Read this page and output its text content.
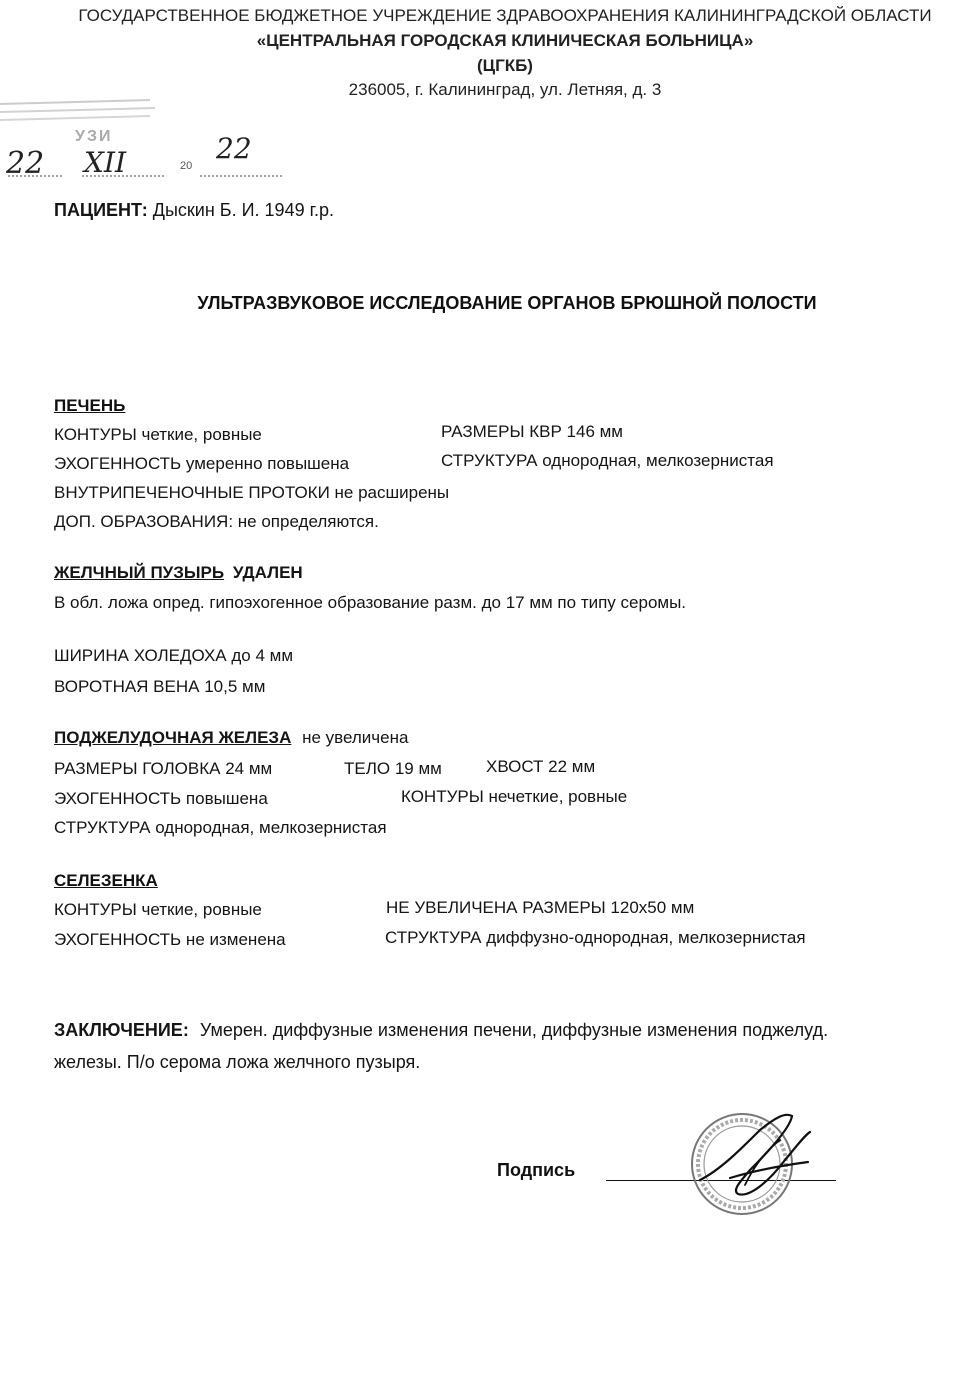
ГОСУДАРСТВЕННОЕ БЮДЖЕТНОЕ УЧРЕЖДЕНИЕ ЗДРАВООХРАНЕНИЯ КАЛИНИНГРАДСКОЙ ОБЛАСТИ
«ЦЕНТРАЛЬНАЯ ГОРОДСКАЯ КЛИНИЧЕСКАЯ БОЛЬНИЦА»
(ЦГКБ)
236005, г. Калининград, ул. Летняя, д. 3
УЗИ
22 XII	20
22
ПАЦИЕНТ: Дыскин Б. И. 1949 г.р.
УЛЬТРАЗВУКОВОЕ ИССЛЕДОВАНИЕ ОРГАНОВ БРЮШНОЙ ПОЛОСТИ
ПЕЧЕНЬ
КОНТУРЫ четкие, ровные	РАЗМЕРЫ КВР 146 мм
ЭХОГЕННОСТЬ умеренно повышена	СТРУКТУРА однородная, мелкозернистая
ВНУТРИПЕЧЕНОЧНЫЕ ПРОТОКИ не расширены
ДОП. ОБРАЗОВАНИЯ: не определяются.
ЖЕЛЧНЫЙ ПУЗЫРЬ УДАЛЕН
В обл. ложа опред. гипоэхогенное образование разм. до 17 мм по типу серомы.
ШИРИНА ХОЛЕДОХА до 4 мм
ВОРОТНАЯ ВЕНА 10,5 мм
ПОДЖЕЛУДОЧНАЯ ЖЕЛЕЗА не увеличена
РАЗМЕРЫ ГОЛОВКА 24 мм	ТЕЛО 19 мм	ХВОСТ 22 мм
ЭХОГЕННОСТЬ повышена	КОНТУРЫ нечеткие, ровные
СТРУКТУРА однородная, мелкозернистая
СЕЛЕЗЕНКА
КОНТУРЫ четкие, ровные	НЕ УВЕЛИЧЕНА РАЗМЕРЫ 120х50 мм
ЭХОГЕННОСТЬ не изменена	СТРУКТУРА диффузно-однородная, мелкозернистая
ЗАКЛЮЧЕНИЕ: Умерен. диффузные изменения печени, диффузные изменения поджелуд.
железы. П/о серома ложа желчного пузыря.
Подпись
